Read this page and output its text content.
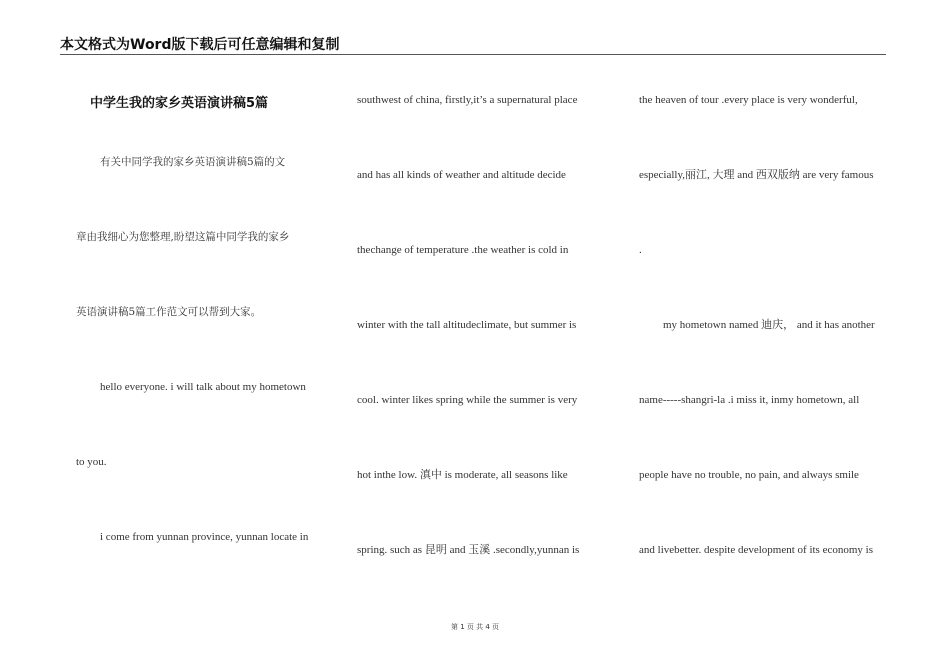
本文格式为Word版下载后可任意编辑和复制
中学生我的家乡英语演讲稿5篇
有关中同学我的家乡英语演讲稿5篇的文
章由我细心为您整理,盼望这篇中同学我的家乡
英语演讲稿5篇工作范文可以帮到大家。
hello everyone. i will talk about my hometown
to you.
i come from yunnan province, yunnan locate in
southwest of china, firstly,it’s a supernatural place
and has all kinds of weather and altitude decide
thechange of temperature .the weather is cold in
winter with the tall altitudeclimate, but summer is
cool. winter likes spring while the summer is very
hot inthe low. 滇中 is moderate, all seasons like
spring. such as 昆明 and 玉溪 .secondly,yunnan is
the heaven of tour .every place is very wonderful,
especially,丽江, 大理 and 西双版纳 are very famous
.
my hometown named 迪庆， and it has another
name-----shangri-la .i miss it, inmy hometown, all
people have no trouble, no pain, and always smile
and livebetter. despite development of its economy is
第 1 页 共 4 页
